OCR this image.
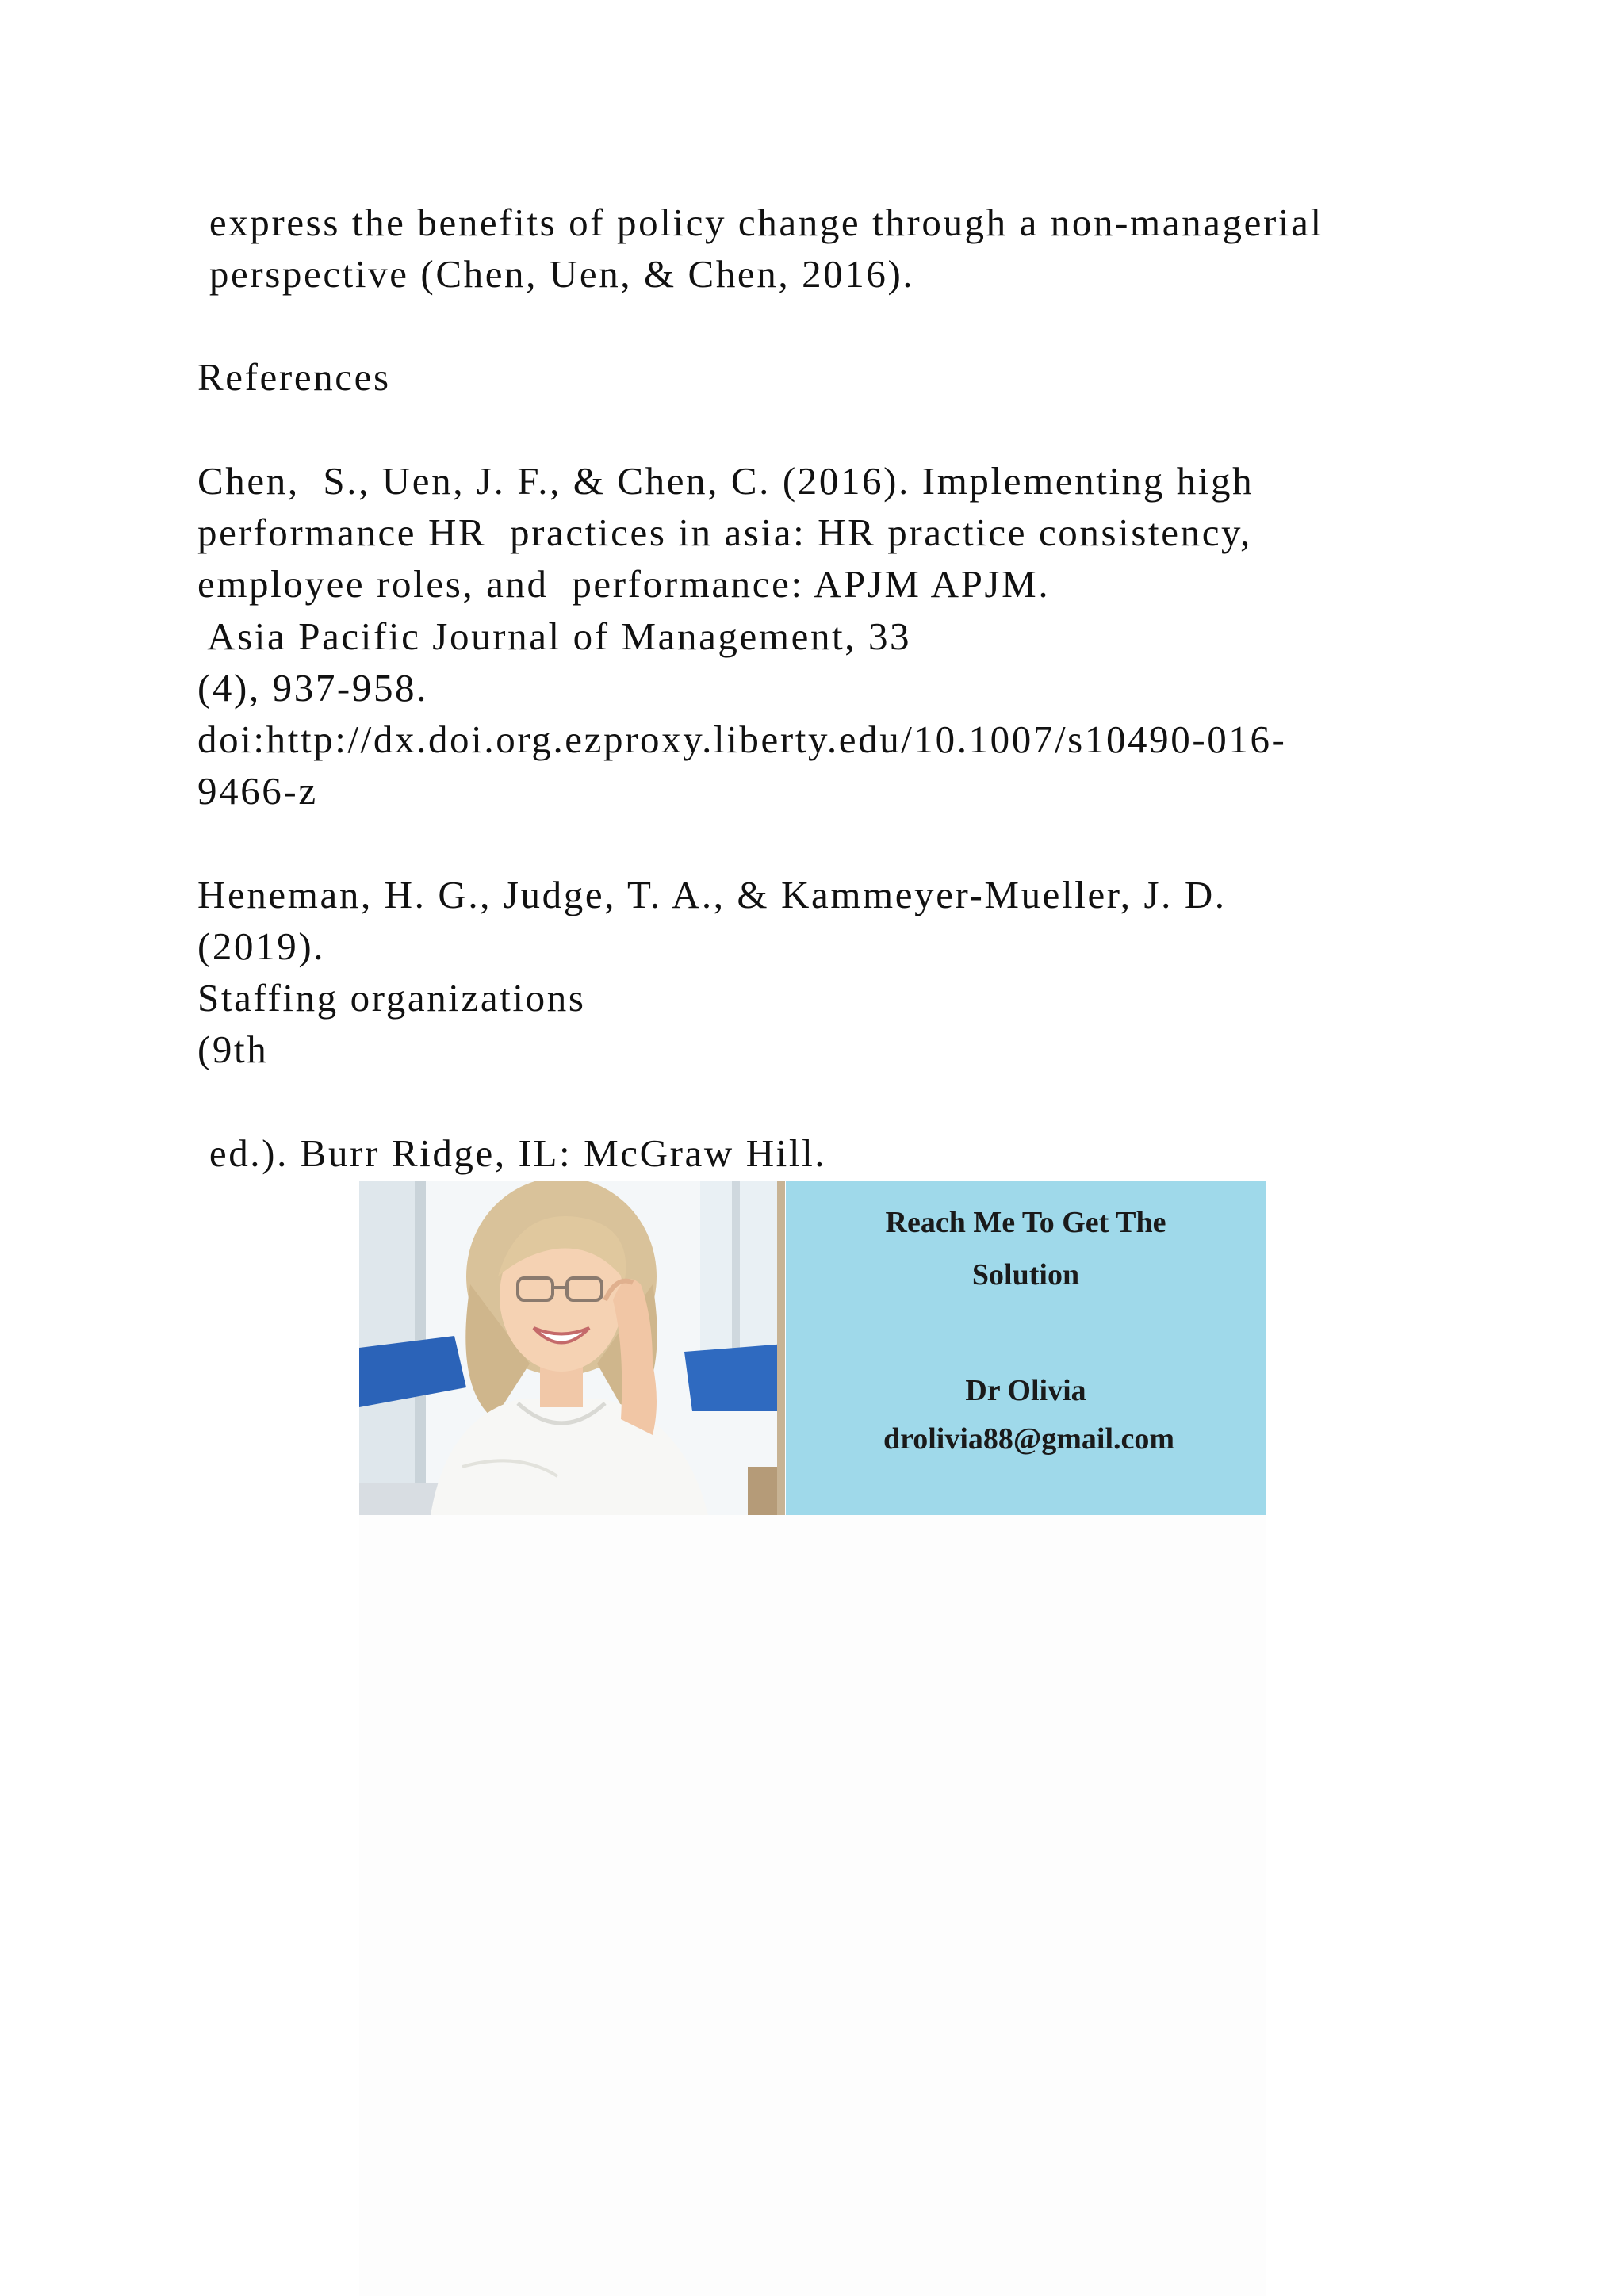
express the benefits of policy change through a non-managerial
perspective (Chen, Uen, & Chen, 2016).
References
Chen,  S., Uen, J. F., & Chen, C. (2016). Implementing high
performance HR  practices in asia: HR practice consistency,
employee roles, and  performance: APJM APJM.
Asia Pacific Journal of Management, 33
(4), 937-958.
doi:http://dx.doi.org.ezproxy.liberty.edu/10.1007/s10490-016-
9466-z
Heneman, H. G., Judge, T. A., & Kammeyer-Mueller, J. D.
(2019).
Staffing organizations
(9th
ed.). Burr Ridge, IL: McGraw Hill.
Reach Me To Get The
Solution
Dr Olivia
drolivia88@gmail.com
